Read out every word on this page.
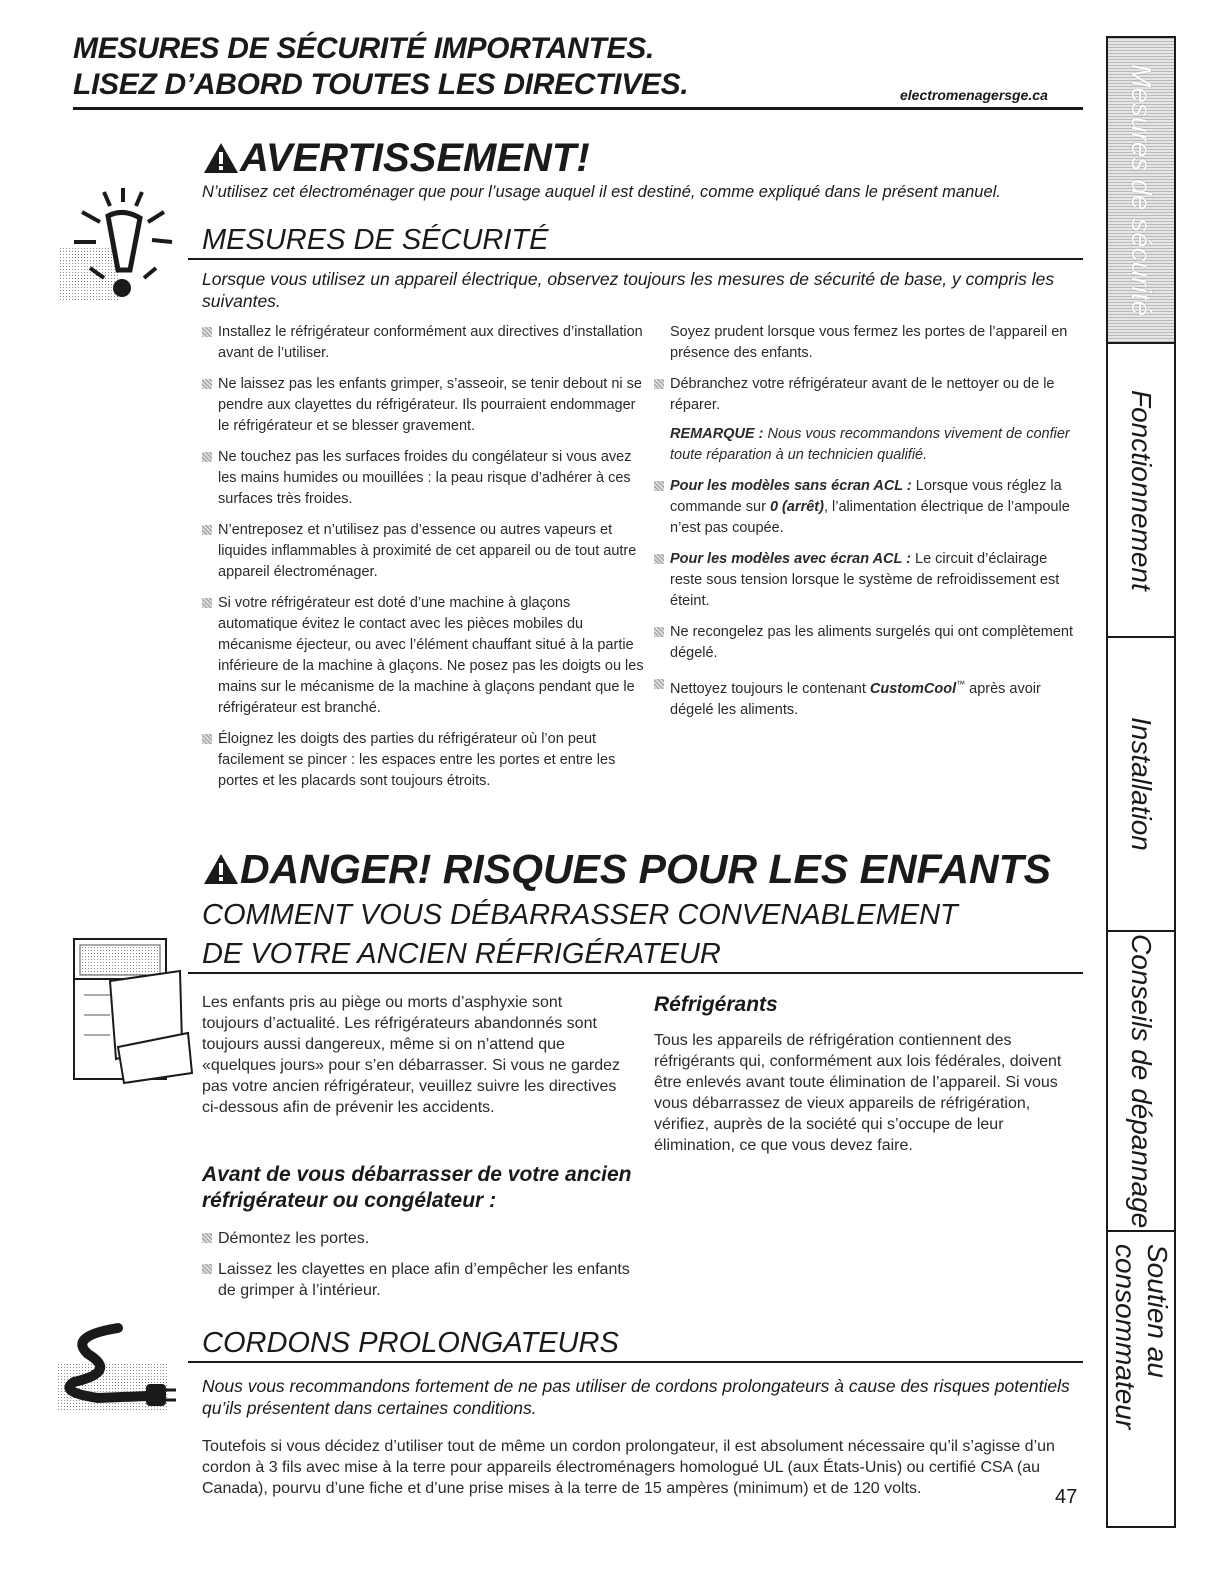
MESURES DE SÉCURITÉ IMPORTANTES.
LISEZ D’ABORD TOUTES LES DIRECTIVES.	electromenagersge.ca
AVERTISSEMENT!
N’utilisez cet électroménager que pour l’usage auquel il est destiné, comme expliqué dans le présent manuel.
MESURES DE SÉCURITÉ
Lorsque vous utilisez un appareil électrique, observez toujours les mesures de sécurité de base, y compris les suivantes.
Installez le réfrigérateur conformément aux directives d’installation avant de l’utiliser.
Ne laissez pas les enfants grimper, s’asseoir, se tenir debout ni se pendre aux clayettes du réfrigérateur. Ils pourraient endommager le réfrigérateur et se blesser gravement.
Ne touchez pas les surfaces froides du congélateur si vous avez les mains humides ou mouillées : la peau risque d’adhérer à ces surfaces très froides.
N’entreposez et n’utilisez pas d’essence ou autres vapeurs et liquides inflammables à proximité de cet appareil ou de tout autre appareil électroménager.
Si votre réfrigérateur est doté d’une machine à glaçons automatique évitez le contact avec les pièces mobiles du mécanisme éjecteur, ou avec l’élément chauffant situé à la partie inférieure de la machine à glaçons. Ne posez pas les doigts ou les mains sur le mécanisme de la machine à glaçons pendant que le réfrigérateur est branché.
Éloignez les doigts des parties du réfrigérateur où l’on peut facilement se pincer : les espaces entre les portes et entre les portes et les placards sont toujours étroits.
Soyez prudent lorsque vous fermez les portes de l’appareil en présence des enfants.
Débranchez votre réfrigérateur avant de le nettoyer ou de le réparer.
REMARQUE : Nous vous recommandons vivement de confier toute réparation à un technicien qualifié.
Pour les modèles sans écran ACL : Lorsque vous réglez la commande sur 0 (arrêt), l’alimentation électrique de l’ampoule n’est pas coupée.
Pour les modèles avec écran ACL : Le circuit d’éclairage reste sous tension lorsque le système de refroidissement est éteint.
Ne recongelez pas les aliments surgelés qui ont complètement dégelé.
Nettoyez toujours le contenant CustomCool™ après avoir dégelé les aliments.
DANGER! RISQUES POUR LES ENFANTS
COMMENT VOUS DÉBARRASSER CONVENABLEMENT
DE VOTRE ANCIEN RÉFRIGÉRATEUR
Les enfants pris au piège ou morts d’asphyxie sont toujours d’actualité. Les réfrigérateurs abandonnés sont toujours aussi dangereux, même si on n’attend que «quelques jours» pour s’en débarrasser. Si vous ne gardez pas votre ancien réfrigérateur, veuillez suivre les directives ci-dessous afin de prévenir les accidents.
Avant de vous débarrasser de votre ancien réfrigérateur ou congélateur :
Démontez les portes.
Laissez les clayettes en place afin d’empêcher les enfants de grimper à l’intérieur.
Réfrigérants
Tous les appareils de réfrigération contiennent des réfrigérants qui, conformément aux lois fédérales, doivent être enlevés avant toute élimination de l’appareil. Si vous vous débarrassez de vieux appareils de réfrigération, vérifiez, auprès de la société qui s’occupe de leur élimination, ce que vous devez faire.
CORDONS PROLONGATEURS
Nous vous recommandons fortement de ne pas utiliser de cordons prolongateurs à cause des risques potentiels qu’ils présentent dans certaines conditions.
Toutefois si vous décidez d’utiliser tout de même un cordon prolongateur, il est absolument nécessaire qu’il s’agisse d’un cordon à 3 fils avec mise à la terre pour appareils électroménagers homologué UL (aux États-Unis) ou certifié CSA (au Canada), pourvu d’une fiche et d’une prise mises à la terre de 15 ampères (minimum) et de 120 volts.	47
Mesures de sécurité
Fonctionnement
Installation
Conseils de dépannage
Soutien au consommateur
